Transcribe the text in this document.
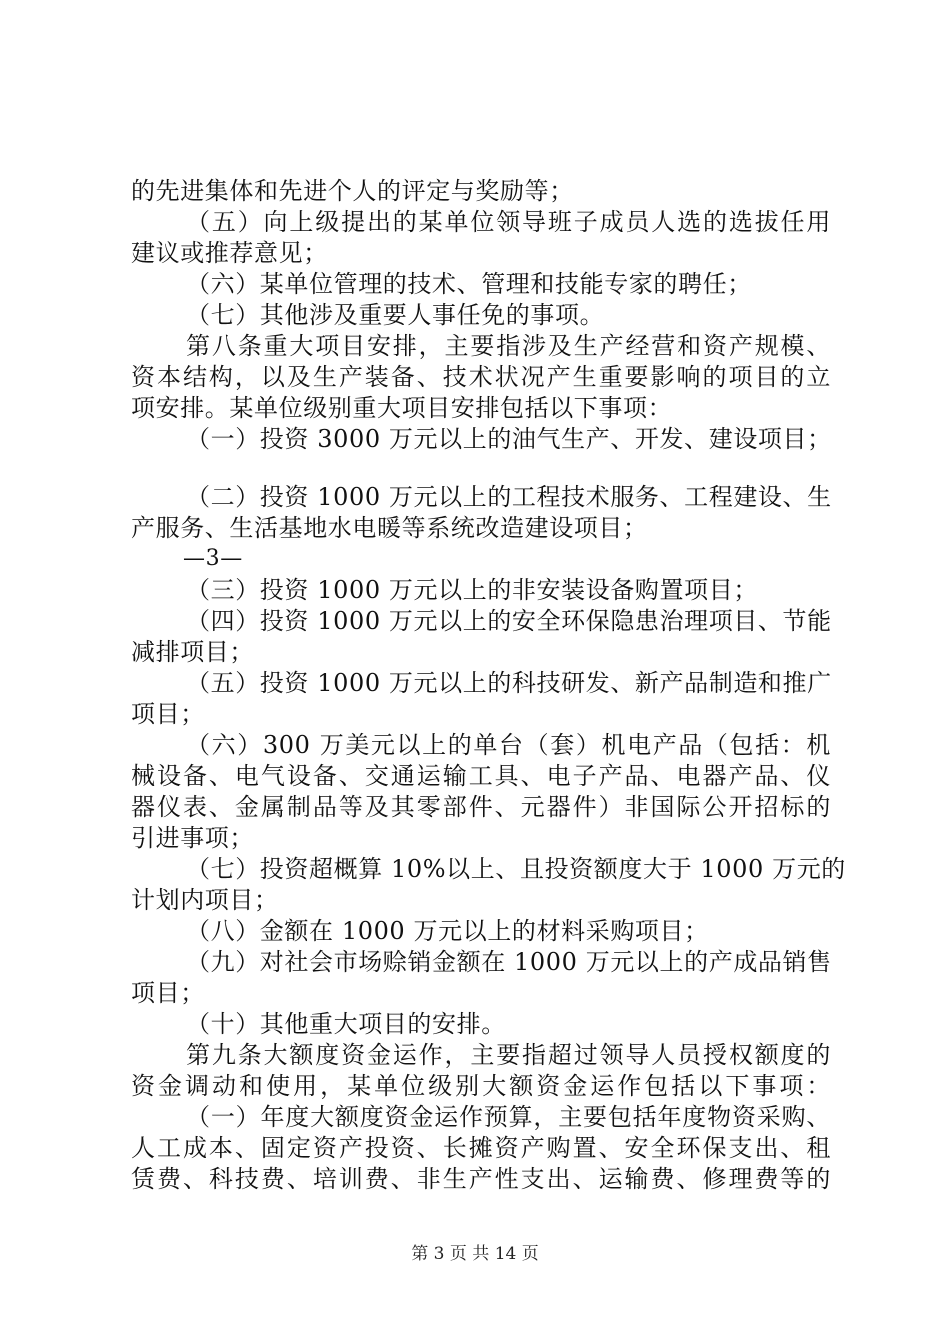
的先进集体和先进个人的评定与奖励等；
（五）向上级提出的某单位领导班子成员人选的选拔任用
建议或推荐意见；
（六）某单位管理的技术、管理和技能专家的聘任；
（七）其他涉及重要人事任免的事项。
第八条重大项目安排，主要指涉及生产经营和资产规模、
资本结构，以及生产装备、技术状况产生重要影响的项目的立
项安排。某单位级别重大项目安排包括以下事项：
（一）投资 3000 万元以上的油气生产、开发、建设项目；
（二）投资 1000 万元以上的工程技术服务、工程建设、生
产服务、生活基地水电暖等系统改造建设项目；
—3—
（三）投资 1000 万元以上的非安装设备购置项目；
（四）投资 1000 万元以上的安全环保隐患治理项目、节能
减排项目；
（五）投资 1000 万元以上的科技研发、新产品制造和推广
项目；
（六）300 万美元以上的单台（套）机电产品（包括：机
械设备、电气设备、交通运输工具、电子产品、电器产品、仪
器仪表、金属制品等及其零部件、元器件）非国际公开招标的
引进事项；
（七）投资超概算 10%以上、且投资额度大于 1000 万元的
计划内项目；
（八）金额在 1000 万元以上的材料采购项目；
（九）对社会市场赊销金额在 1000 万元以上的产成品销售
项目；
（十）其他重大项目的安排。
第九条大额度资金运作，主要指超过领导人员授权额度的
资金调动和使用，某单位级别大额资金运作包括以下事项：
（一）年度大额度资金运作预算，主要包括年度物资采购、
人工成本、固定资产投资、长摊资产购置、安全环保支出、租
赁费、科技费、培训费、非生产性支出、运输费、修理费等的
第 3 页 共 14 页
